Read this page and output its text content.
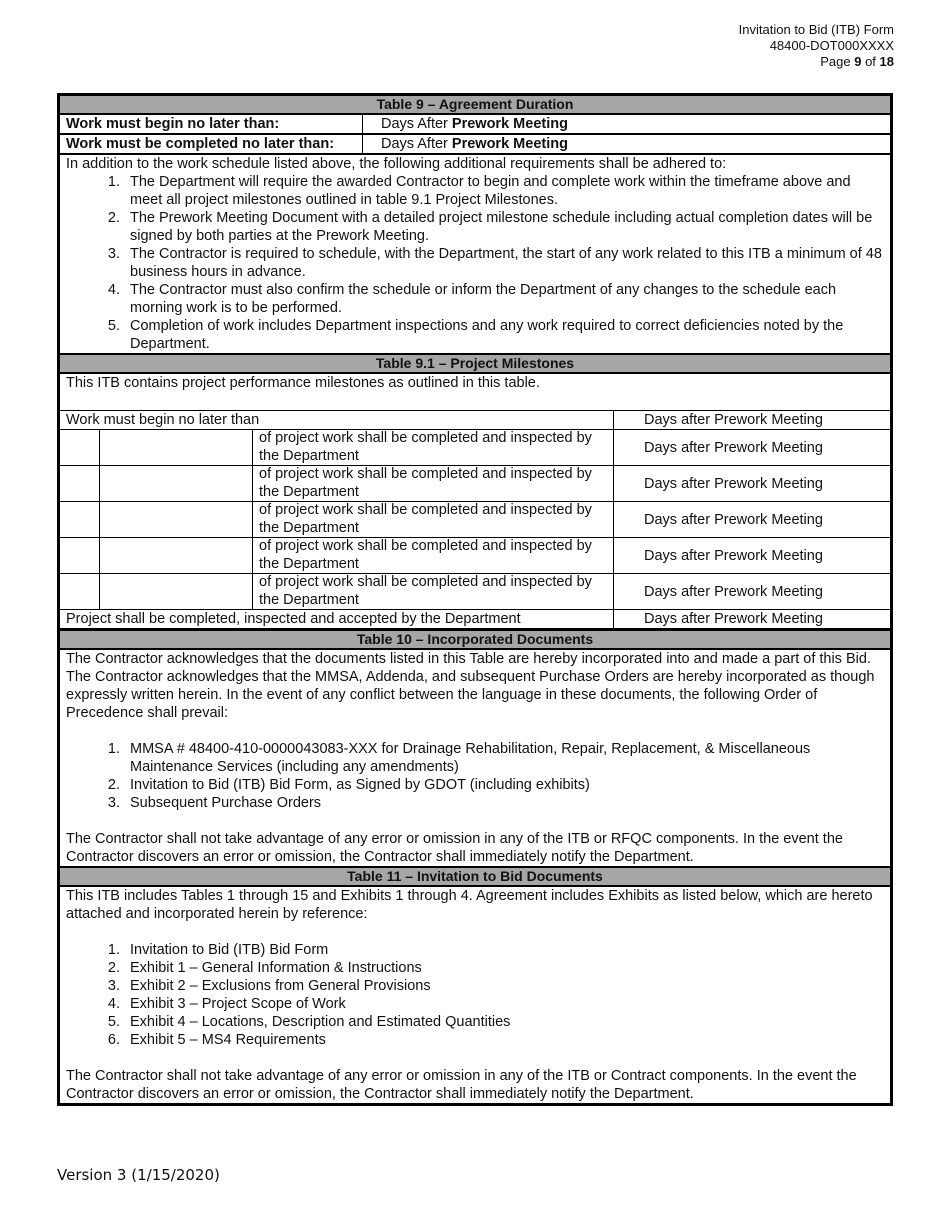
Invitation to Bid (ITB) Form
48400-DOT000XXXX
Page 9 of 18
Table 9 – Agreement Duration
Work must begin no later than:	Days After Prework Meeting
Work must be completed no later than:	Days After Prework Meeting
In addition to the work schedule listed above, the following additional requirements shall be adhered to:
1. The Department will require the awarded Contractor to begin and complete work within the timeframe above and meet all project milestones outlined in table 9.1 Project Milestones.
2. The Prework Meeting Document with a detailed project milestone schedule including actual completion dates will be signed by both parties at the Prework Meeting.
3. The Contractor is required to schedule, with the Department, the start of any work related to this ITB a minimum of 48 business hours in advance.
4. The Contractor must also confirm the schedule or inform the Department of any changes to the schedule each morning work is to be performed.
5. Completion of work includes Department inspections and any work required to correct deficiencies noted by the Department.
Table 9.1 – Project Milestones
This ITB contains project performance milestones as outlined in this table.
Work must begin no later than			Days after Prework Meeting
		of project work shall be completed and inspected by the Department	Days after Prework Meeting
		of project work shall be completed and inspected by the Department	Days after Prework Meeting
		of project work shall be completed and inspected by the Department	Days after Prework Meeting
		of project work shall be completed and inspected by the Department	Days after Prework Meeting
		of project work shall be completed and inspected by the Department	Days after Prework Meeting
Project shall be completed, inspected and accepted by the Department			Days after Prework Meeting
Table 10 – Incorporated Documents
The Contractor acknowledges that the documents listed in this Table are hereby incorporated into and made a part of this Bid. The Contractor acknowledges that the MMSA, Addenda, and subsequent Purchase Orders are hereby incorporated as though expressly written herein. In the event of any conflict between the language in these documents, the following Order of Precedence shall prevail:
1. MMSA # 48400-410-0000043083-XXX for Drainage Rehabilitation, Repair, Replacement, & Miscellaneous Maintenance Services (including any amendments)
2. Invitation to Bid (ITB) Bid Form, as Signed by GDOT (including exhibits)
3. Subsequent Purchase Orders
The Contractor shall not take advantage of any error or omission in any of the ITB or RFQC components. In the event the Contractor discovers an error or omission, the Contractor shall immediately notify the Department.
Table 11 – Invitation to Bid Documents
This ITB includes Tables 1 through 15 and Exhibits 1 through 4. Agreement includes Exhibits as listed below, which are hereto attached and incorporated herein by reference:
1. Invitation to Bid (ITB) Bid Form
2. Exhibit 1 – General Information & Instructions
3. Exhibit 2 – Exclusions from General Provisions
4. Exhibit 3 – Project Scope of Work
5. Exhibit 4 – Locations, Description and Estimated Quantities
6. Exhibit 5 – MS4 Requirements
The Contractor shall not take advantage of any error or omission in any of the ITB or Contract components. In the event the Contractor discovers an error or omission, the Contractor shall immediately notify the Department.
Version 3 (1/15/2020)
